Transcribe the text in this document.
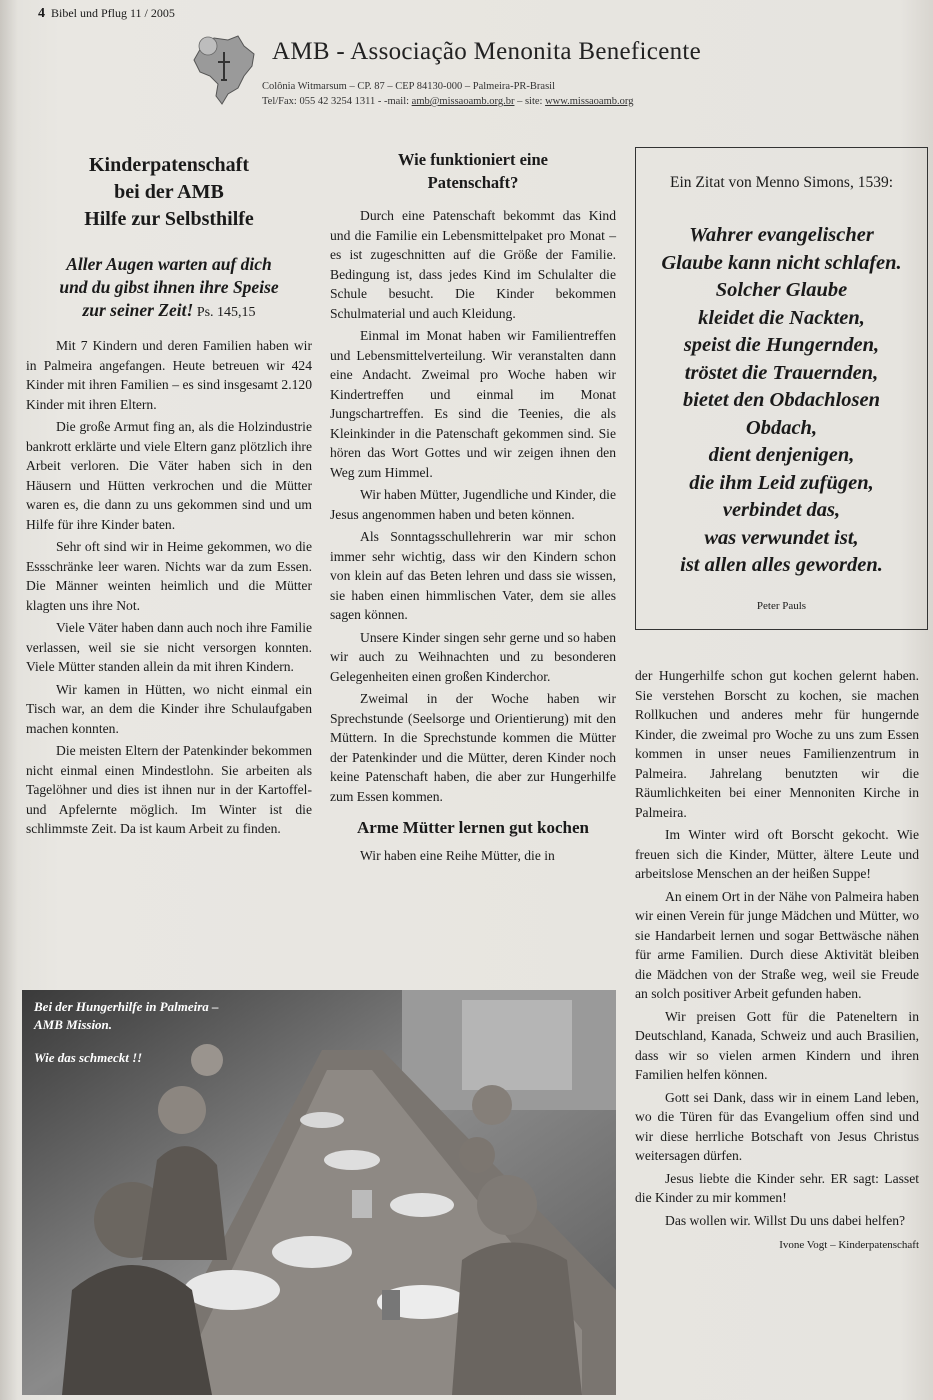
4 Bibel und Pflug 11 / 2005
AMB - Associação Menonita Beneficente
Colônia Witmarsum – CP. 87 – CEP 84130-000 – Palmeira-PR-Brasil
Tel/Fax: 055 42 3254 1311 - -mail: amb@missaoamb.org.br – site: www.missaoamb.org
Kinderpatenschaft
bei der AMB
Hilfe zur Selbsthilfe
Aller Augen warten auf dich
und du gibst ihnen ihre Speise
zur seiner Zeit! Ps. 145,15

Mit 7 Kindern und deren Familien haben wir in Palmeira angefangen. Heute betreuen wir 424 Kinder mit ihren Familien – es sind insgesamt 2.120 Kinder mit ihren Eltern.

Die große Armut fing an, als die Holzindustrie bankrott erklärte und viele Eltern ganz plötzlich ihre Arbeit verloren. Die Väter haben sich in den Häusern und Hütten verkrochen und die Mütter waren es, die dann zu uns gekommen sind und um Hilfe für ihre Kinder baten.

Sehr oft sind wir in Heime gekommen, wo die Essschränke leer waren. Nichts war da zum Essen. Die Männer weinten heimlich und die Mütter klagten uns ihre Not.

Viele Väter haben dann auch noch ihre Familie verlassen, weil sie sie nicht versorgen konnten. Viele Mütter standen allein da mit ihren Kindern.

Wir kamen in Hütten, wo nicht einmal ein Tisch war, an dem die Kinder ihre Schulaufgaben machen konnten.

Die meisten Eltern der Patenkinder bekommen nicht einmal einen Mindestlohn. Sie arbeiten als Tagelöhner und dies ist ihnen nur in der Kartoffel- und Apfelernte möglich. Im Winter ist die schlimmste Zeit. Da ist kaum Arbeit zu finden.

Wie funktioniert eine
Patenschaft?

Durch eine Patenschaft bekommt das Kind und die Familie ein Lebensmittelpaket pro Monat – es ist zugeschnitten auf die Größe der Familie. Bedingung ist, dass jedes Kind im Schulalter die Schule besucht. Die Kinder bekommen Schulmaterial und auch Kleidung.

Einmal im Monat haben wir Familientreffen und Lebensmittelverteilung. Wir veranstalten dann eine Andacht. Zweimal pro Woche haben wir Kindertreffen und einmal im Monat Jungschartreffen. Es sind die Teenies, die als Kleinkinder in die Patenschaft gekommen sind. Sie hören das Wort Gottes und wir zeigen ihnen den Weg zum Himmel.

Wir haben Mütter, Jugendliche und Kinder, die Jesus angenommen haben und beten können.

Als Sonntagsschullehrerin war mir schon immer sehr wichtig, dass wir den Kindern schon von klein auf das Beten lehren und dass sie wissen, sie haben einen himmlischen Vater, dem sie alles sagen können.

Unsere Kinder singen sehr gerne und so haben wir auch zu Weihnachten und zu besonderen Gelegenheiten einen großen Kinderchor.

Zweimal in der Woche haben wir Sprechstunde (Seelsorge und Orientierung) mit den Müttern. In die Sprechstunde kommen die Mütter der Patenkinder und die Mütter, deren Kinder noch keine Patenschaft haben, die aber zur Hungerhilfe zum Essen kommen.

Arme Mütter lernen gut kochen

Wir haben eine Reihe Mütter, die in

Ein Zitat von Menno Simons, 1539:
Wahrer evangelischer
Glaube kann nicht schlafen.
Solcher Glaube
kleidet die Nackten,
speist die Hungernden,
tröstet die Trauernden,
bietet den Obdachlosen
Obdach,
dient denjenigen,
die ihm Leid zufügen,
verbindet das,
was verwundet ist,
ist allen alles geworden.
Peter Pauls

der Hungerhilfe schon gut kochen gelernt haben. Sie verstehen Borscht zu kochen, sie machen Rollkuchen und anderes mehr für hungernde Kinder, die zweimal pro Woche zu uns zum Essen kommen in unser neues Familienzentrum in Palmeira. Jahrelang benutzten wir die Räumlichkeiten bei einer Mennoniten Kirche in Palmeira.

Im Winter wird oft Borscht gekocht. Wie freuen sich die Kinder, Mütter, ältere Leute und arbeitslose Menschen an der heißen Suppe!

An einem Ort in der Nähe von Palmeira haben wir einen Verein für junge Mädchen und Mütter, wo sie Handarbeit lernen und sogar Bettwäsche nähen für arme Familien. Durch diese Aktivität bleiben die Mädchen von der Straße weg, weil sie Freude an solch positiver Arbeit gefunden haben.

Wir preisen Gott für die Pateneltern in Deutschland, Kanada, Schweiz und auch Brasilien, dass wir so vielen armen Kindern und ihren Familien helfen können.

Gott sei Dank, dass wir in einem Land leben, wo die Türen für das Evangelium offen sind und wir diese herrliche Botschaft von Jesus Christus weitersagen dürfen.

Jesus liebte die Kinder sehr. ER sagt: Lasset die Kinder zu mir kommen!

Das wollen wir. Willst Du uns dabei helfen?

Ivone Vogt – Kinderpatenschaft

Bei der Hungerhilfe in Palmeira –
AMB Mission.
Wie das schmeckt !!
